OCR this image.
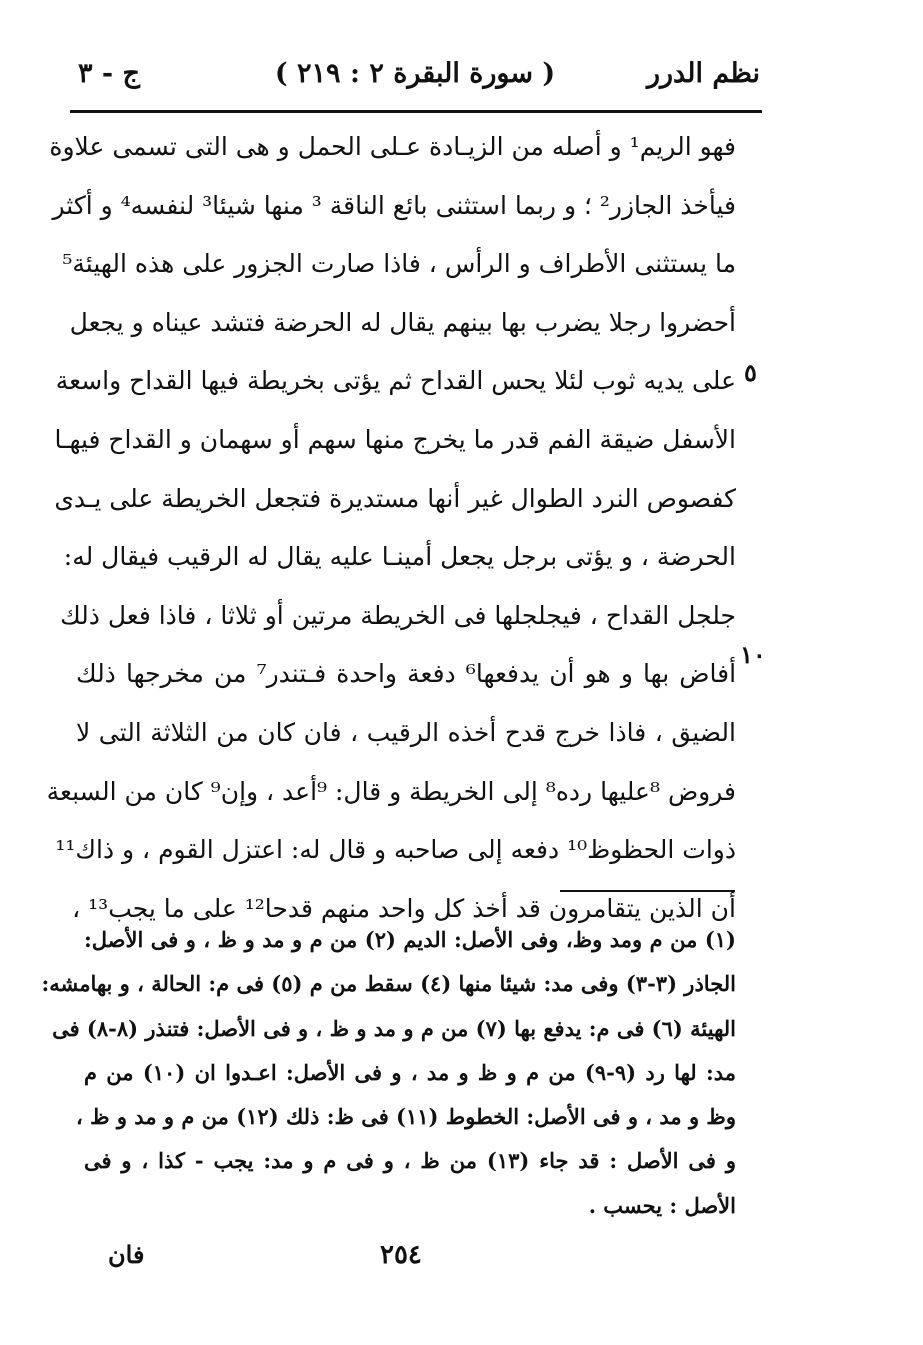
نظم الدرر
( سورة البقرة ٢ : ٢١٩ )
ج - ٣
فهو الريم¹ و أصله من الزيـادة عـلى الحمل و هى التى تسمى علاوة
فيأخذ الجازر² ؛ و ربما استثنى بائع الناقة ³ منها شيئا³ لنفسه⁴ و أكثر
ما يستثنى الأطراف و الرأس ، فاذا صارت الجزور على هذه الهيئة⁵
أحضروا رجلا يضرب بها بينهم يقال له الحرضة فتشد عيناه و يجعل
على يديه ثوب لئلا يحس القداح ثم يؤتى بخريطة فيها القداح واسعة
الأسفل ضيقة الفم قدر ما يخرج منها سهم أو سهمان و القداح فيهـا
كفصوص النرد الطوال غير أنها مستديرة فتجعل الخريطة على يـدى
الحرضة ، و يؤتى برجل يجعل أمينـا عليه يقال له الرقيب فيقال له:
جلجل القداح ، فيجلجلها فى الخريطة مرتين أو ثلاثا ، فاذا فعل ذلك
أفاض بها و هو أن يدفعها⁶ دفعة واحدة فـتندر⁷ من مخرجها ذلك
الضيق ، فاذا خرج قدح أخذه الرقيب ، فان كان من الثلاثة التى لا
فروض ⁸عليها رده⁸ إلى الخريطة و قال: ⁹أعد ، وإن⁹ كان من السبعة
ذوات الحظوظ¹⁰ دفعه إلى صاحبه و قال له: اعتزل القوم ، و ذاك¹¹
أن الذين يتقامرون قد أخذ كل واحد منهم قدحا¹² على ما يجب¹³ ،
٥
١٠
(١) من م ومد وظ، وفى الأصل: الديم (٢) من م و مد و ظ ، و فى الأصل:
الجاذر (٣-٣) وفى مد: شيئا منها (٤) سقط من م (٥) فى م: الحالة ، و بهامشه:
الهيئة (٦) فى م: يدفع بها (٧) من م و مد و ظ ، و فى الأصل: فتنذر (٨-٨) فى
مد: لها رد (٩-٩) من م و ظ و مد ، و فى الأصل: اعـدوا ان (١٠) من م
وظ و مد ، و فى الأصل: الخطوط (١١) فى ظ: ذلك (١٢) من م و مد و ظ ،
و فى الأصل : قد جاء (١٣) من ظ ، و فى م و مد: يجب - كذا ، و فى
الأصل : يحسب .
٢٥٤
فان
